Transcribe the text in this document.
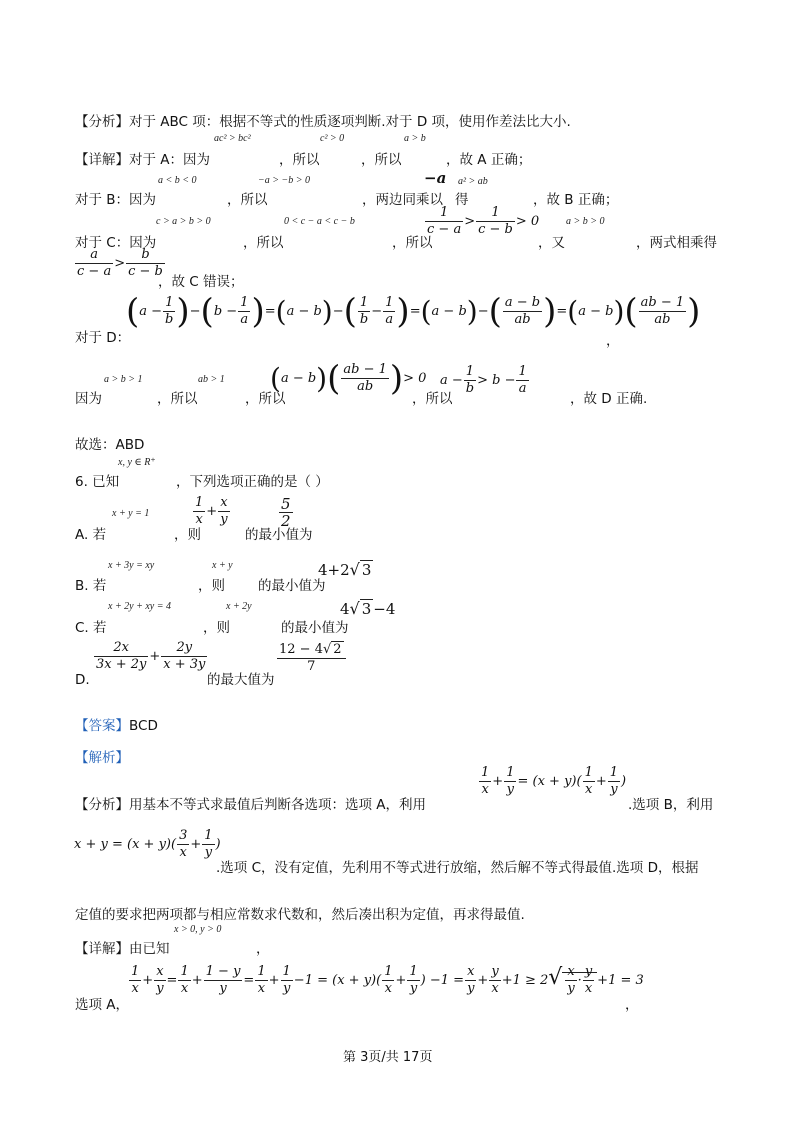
【分析】对于 ABC 项：根据不等式的性质逐项判断.对于 D 项，使用作差法比大小.
ac² > bc²	c² > 0	a > b
【详解】对于 A：因为	，所以	，所以	，故 A 正确；
a < b < 0	−a > −b > 0	−a a² > ab
对于 B：因为	，所以	，两边同乘以 得	，故 B 正确；
c > a > b > 0	0 < c − a < c − b	a > b > 0
$\frac{1}{c - a} > \frac{1}{c - b} > 0$
对于 C：因为	，所以	，所以	，又	，两式相乘得
$\frac{a}{c - a} > \frac{b}{c - b}$
，故 C 错误；
对于 D：
$(a - \frac{1}{b} )-(b - \frac{1}{a} )=(a - b)-( \frac{1}{b} - \frac{1}{a} )=(a - b)-( \frac{a - b}{ab} )=(a - b)( \frac{ab - 1}{ab}$ )
，
a > b > 1	ab > 1 $(a - b)( \frac{ab - 1}{ab}$ )> 0 $a - \frac{1}{b} > b - \frac{1}{a}$
因为	，所以	，所以	，所以	，故 D 正确.
故选：ABD
x, y ∈ R⁺
6. 已知	，下列选项正确的是（ ）
x + y = 1	$\frac{1}{x} + \frac{x}{y}$	$\frac{5}{2}$
A. 若	，则	的最小值为
x + 3y = xy	x + y	4+2√ 3
B. 若	，则 的最小值为
x + 2y + xy = 4	x + 2y	4√ 3 −4
C. 若	，则	的最小值为
$\frac{2x}{3x + 2y} + \frac{2y}{x + 3y}$	$\frac{12 - 4√ 2}{7}$
D.	的最大值为
【答案】BCD
【解析】
$\frac{1}{x} + \frac{1}{y} = (x + y)( \frac{1}{x} + \frac{1}{y}$ )
【分析】用基本不等式求最值后判断各选项：选项 A，利用	.选项 B，利用
$x + y = (x + y)( \frac{3}{x} + \frac{1}{y}$ )
.选项 C，没有定值，先利用不等式进行放缩，然后解不等式得最值.选项 D，根据
定值的要求把两项都与相应常数求代数和，然后凑出积为定值，再求得最值.
x > 0, y > 0
【详解】由已知	，
$\frac{1}{x} + \frac{x}{y} = \frac{1}{x} + \frac{1 - y}{y} = \frac{1}{x} + \frac{1}{y} -1 = (x + y)( \frac{1}{x} + \frac{1}{y}$ ) $-1 = \frac{x}{y} + \frac{y}{x} +1 \ge 2√ \frac{x}{y} \cdot \frac{y}{x} +1 = 3$
选项 A，	，
第 3页/共 17页
